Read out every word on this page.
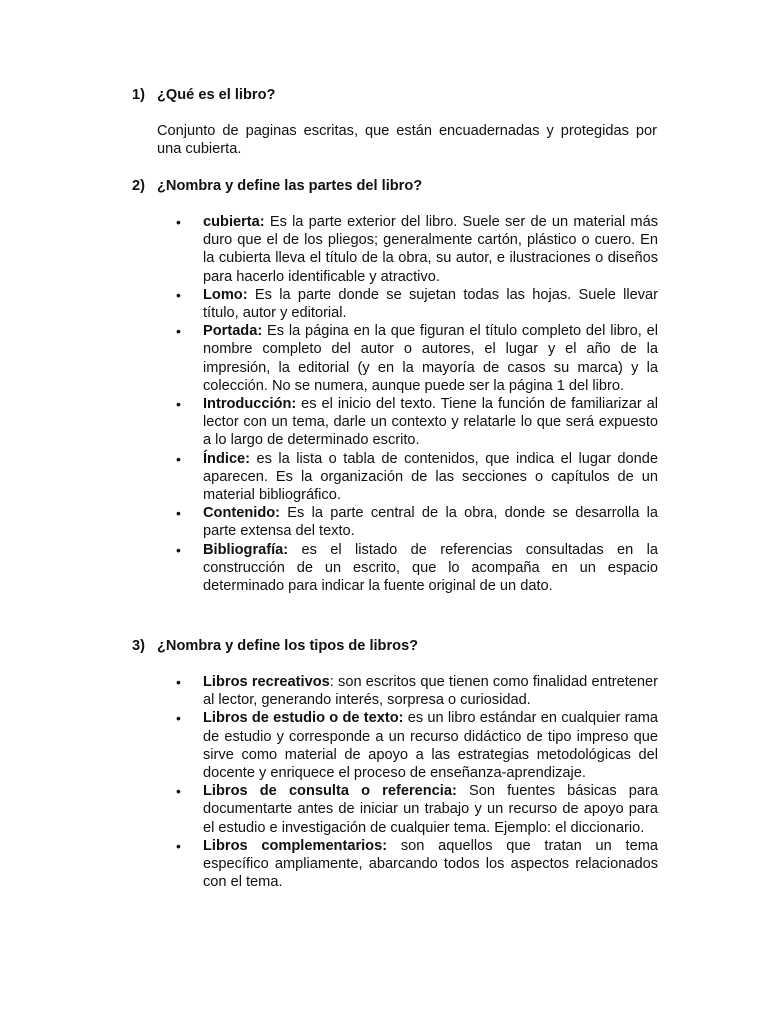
1) ¿Qué es el libro?

Conjunto de paginas escritas, que están encuadernadas y protegidas por una cubierta.

2) ¿Nombra y define las partes del libro?
• cubierta: Es la parte exterior del libro. Suele ser de un material más duro que el de los pliegos; generalmente cartón, plástico o cuero. En la cubierta lleva el título de la obra, su autor, e ilustraciones o diseños para hacerlo identificable y atractivo.
• Lomo: Es la parte donde se sujetan todas las hojas. Suele llevar título, autor y editorial.
• Portada: Es la página en la que figuran el título completo del libro, el nombre completo del autor o autores, el lugar y el año de la impresión, la editorial (y en la mayoría de casos su marca) y la colección. No se numera, aunque puede ser la página 1 del libro.
• Introducción: es el inicio del texto. Tiene la función de familiarizar al lector con un tema, darle un contexto y relatarle lo que será expuesto a lo largo de determinado escrito.
• Índice: es la lista o tabla de contenidos, que indica el lugar donde aparecen. Es la organización de las secciones o capítulos de un material bibliográfico.
• Contenido: Es la parte central de la obra, donde se desarrolla la parte extensa del texto.
• Bibliografía: es el listado de referencias consultadas en la construcción de un escrito, que lo acompaña en un espacio determinado para indicar la fuente original de un dato.
3) ¿Nombra y define los tipos de libros?
• Libros recreativos: son escritos que tienen como finalidad entretener al lector, generando interés, sorpresa o curiosidad.
• Libros de estudio o de texto: es un libro estándar en cualquier rama de estudio y corresponde a un recurso didáctico de tipo impreso que sirve como material de apoyo a las estrategias metodológicas del docente y enriquece el proceso de enseñanza-aprendizaje.
• Libros de consulta o referencia: Son fuentes básicas para documentarte antes de iniciar un trabajo y un recurso de apoyo para el estudio e investigación de cualquier tema. Ejemplo: el diccionario.
• Libros complementarios: son aquellos que tratan un tema específico ampliamente, abarcando todos los aspectos relacionados con el tema.
